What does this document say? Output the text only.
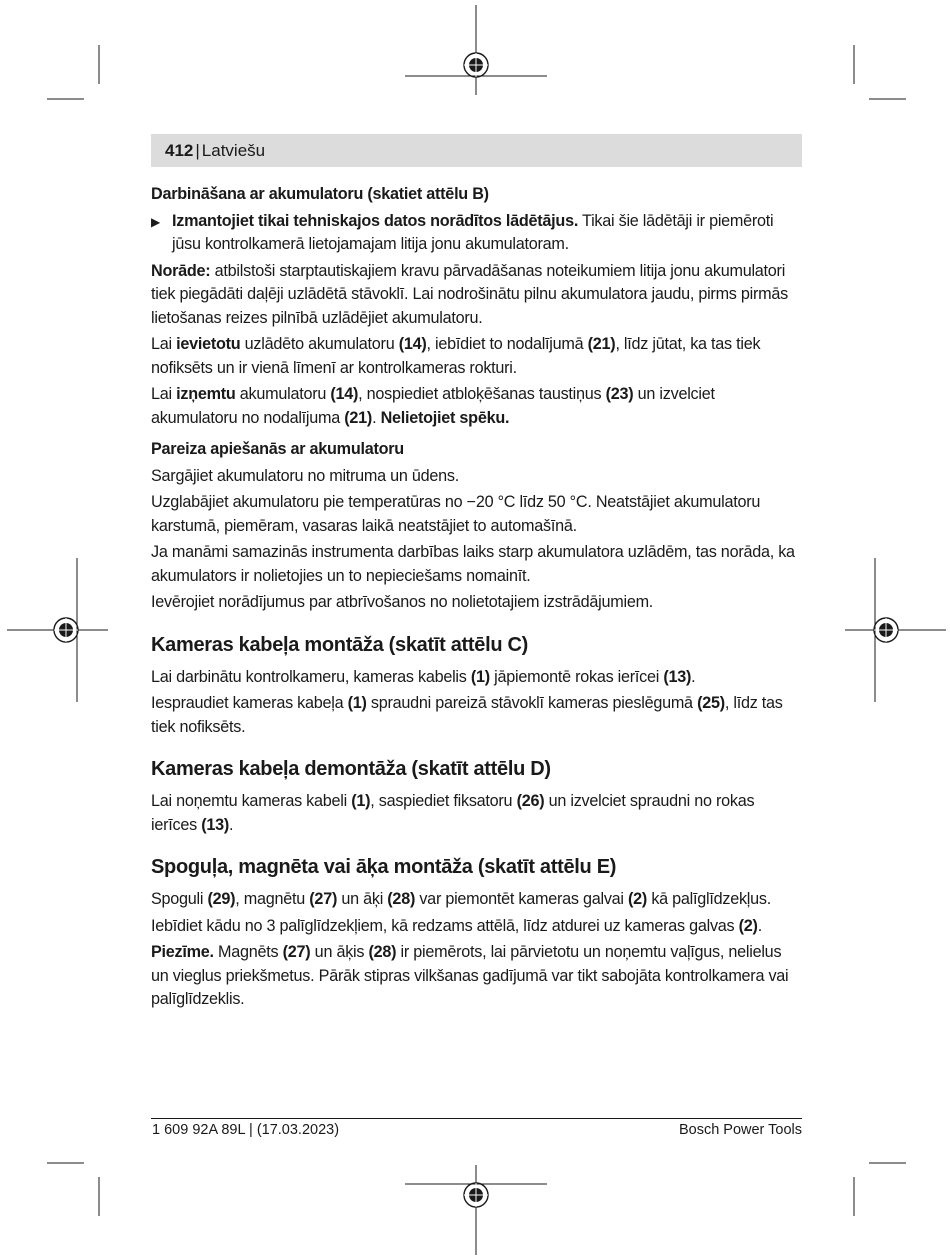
412 | Latviešu
Darbināšana ar akumulatoru (skatiet attēlu B)
▶ Izmantojiet tikai tehniskajos datos norādītos lādētājus. Tikai šie lādētāji ir piemēroti jūsu kontrolkamerā lietojamajam litija jonu akumulatoram.

Norāde: atbilstoši starptautiskajiem kravu pārvadāšanas noteikumiem litija jonu akumulatori tiek piegādāti daļēji uzlādētā stāvoklī. Lai nodrošinātu pilnu akumulatora jaudu, pirms pirmās lietošanas reizes pilnībā uzlādējiet akumulatoru.

Lai ievietotu uzlādēto akumulatoru (14), iebīdiet to nodalījumā (21), līdz jūtat, ka tas tiek nofiksēts un ir vienā līmenī ar kontrolkameras rokturi.

Lai izņemtu akumulatoru (14), nospiediet atbloķēšanas taustiņus (23) un izvelciet akumulatoru no nodalījuma (21). Nelietojiet spēku.

Pareiza apiešanās ar akumulatoru

Sargājiet akumulatoru no mitruma un ūdens.

Uzglabājiet akumulatoru pie temperatūras no −20 °C līdz 50 °C. Neatstājiet akumulatoru karstumā, piemēram, vasaras laikā neatstājiet to automašīnā.

Ja manāmi samazinās instrumenta darbības laiks starp akumulatora uzlādēm, tas norāda, ka akumulators ir nolietojies un to nepieciešams nomainīt.

Ievērojiet norādījumus par atbrīvošanos no nolietotajiem izstrādājumiem.

Kameras kabeļa montāža (skatīt attēlu C)

Lai darbinātu kontrolkameru, kameras kabelis (1) jāpiemontē rokas ierīcei (13).

Iespraudiet kameras kabeļa (1) spraudni pareizā stāvoklī kameras pieslēgumā (25), līdz tas tiek nofiksēts.

Kameras kabeļa demontāža (skatīt attēlu D)

Lai noņemtu kameras kabeli (1), saspiediet fiksatoru (26) un izvelciet spraudni no rokas ierīces (13).

Spoguļa, magnēta vai āķa montāža (skatīt attēlu E)

Spoguli (29), magnētu (27) un āķi (28) var piemontēt kameras galvai (2) kā palīglīdzekļus.

Iebīdiet kādu no 3 palīglīdzekļiem, kā redzams attēlā, līdz atdurei uz kameras galvas (2).

Piezīme. Magnēts (27) un āķis (28) ir piemērots, lai pārvietotu un noņemtu vaļīgus, nelielus un vieglus priekšmetus. Pārāk stipras vilkšanas gadījumā var tikt sabojāta kontrolkamera vai palīglīdzeklis.

1 609 92A 89L | (17.03.2023)	Bosch Power Tools
